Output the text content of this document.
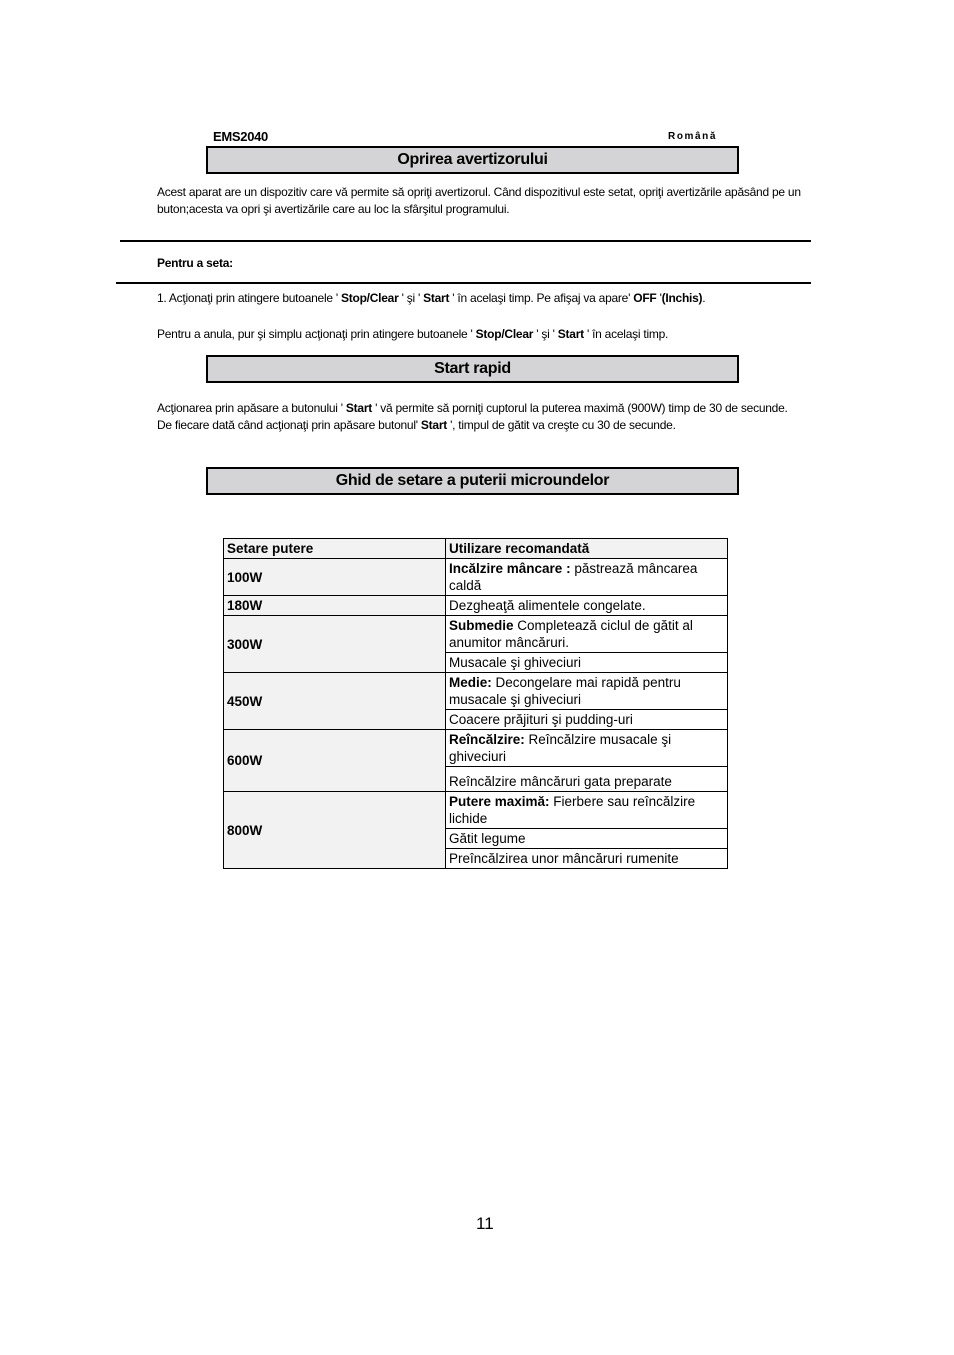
EMS2040	Română
Oprirea avertizorului
Acest aparat are un dispozitiv care vă permite să opriţi avertizorul. Când dispozitivul este setat, opriţi avertizările apăsând pe un buton;acesta va opri şi avertizările care au loc la sfârşitul programului.
Pentru a seta:
1. Acţionaţi prin atingere butoanele ' Stop/Clear ' şi ' Start ' în acelaşi timp. Pe afişaj va apare' OFF '(Inchis).
Pentru a anula, pur şi simplu acţionaţi prin atingere butoanele ' Stop/Clear ' şi ' Start ' în acelaşi timp.
Start rapid
Acţionarea prin apăsare a butonului ' Start ' vă permite să porniţi cuptorul la puterea maximă (900W) timp de 30 de secunde.
De fiecare dată când acţionaţi prin apăsare butonul' Start ', timpul de gătit va creşte cu 30 de secunde.
Ghid de setare a puterii microundelor
Setare putere	Utilizare recomandată
100W	Incălzire mâncare : păstrează mâncarea caldă
180W	Dezgheaţă alimentele congelate.
300W	Submedie Completează ciclul de gătit al anumitor mâncăruri.
	Musacale şi ghiveciuri
450W	Medie: Decongelare mai rapidă pentru musacale şi ghiveciuri
	Coacere prăjituri şi pudding-uri
600W	Reîncălzire: Reîncălzire musacale şi ghiveciuri
	Reîncălzire mâncăruri gata preparate
800W	Putere maximă: Fierbere sau reîncălzire lichide
	Gătit legume
	Preîncălzirea unor mâncăruri rumenite
11
